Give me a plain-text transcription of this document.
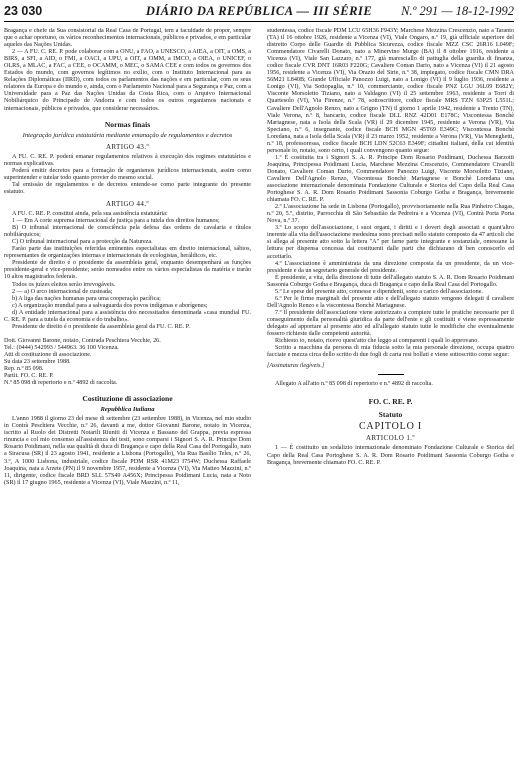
23 030	DIÁRIO DA REPÚBLICA — III SÉRIE	N.º 291 — 18-12-1992

Bragança e chefe da Sua consistorial da Real Casa de Portugal, tem a faculdade de propor, sempre que o achar oportuno, os vários reconhecimentos internacionais, públicos e privados, e em particular aqueles das Nações Unidas.

2 — A FU. C. RE. P. pode colaborar com a ONU, a FAO, a UNESCO, a AIEA, a OIT, a OMS, a BIRS, a SFI, a AID, o FMI, a OACI, a UPU, a OIT, a OMM, a IMCO, a OIEA, o UNICEF, o OLRS, a MLAC, a FAC, a CEE, o OCAMM, o MEC, o SAMA CEE e com todos os governos dos Estados do mundo, com governos legítimos no exílio, com o Instituto Internacional para as Relações Diplomáticas (IIRD), com todos os parlamentos das nações e em particular, com os seus relatores da Europa e do mundo e, ainda, com o Parlamento Nacional para a Segurança e Paz, com a Universidade para a Paz das Nações Unidas da Costa Rica, com o Arquivo Internacional Nobiliárquico do Principado de Andorra e com todos os outros organismos nacionais e internacionais, públicos e privados, que considerar necessários.

Normas finais

Integração jurídica estatutária mediante emanação de regulamentos e decretos

ARTIGO 43.º

A FU. C. RE. P. poderá emanar regulamentos relativos à execução dos regimes estatutários e normas explicativas.

Poderá emitir decretos para a formação de organismos jurídicos internacionais, assim como superintender e tutelar todo quanto provier do mesmo social.

Tal emissão de regulamentos e de decretos entende-se como parte integrante do presente estatuto.

ARTIGO 44.º

A FU. C. RE. P. constitui ainda, pela sua assistência estatutária:

1 — Em A corte suprema internacional de justiça para a tutela dos direitos humanos;

B) O tribunal internacional de consciência pela defesa das ordens de cavalaria e títulos nobiliárquicos;

C) O tribunal internacional para a protecção da Natureza.

Farão parte das instituições referidas eminentes especialistas em direito internacional, sábios, representantes de organizações internas e internacionais de ecologistas, heráldicos, etc.

Presidente de direito é o presidente da assembleia geral, enquanto desempenhará as funções presidente-geral e vice-presidente; serão nomeados entre os vários especialistas da matéria e trarão 10 altos magistrados federais.

Todos os juízes eleitos serão irrevogáveis.

2 — a) O arco internacional de custeada;

b) A liga das nações humanas para uma cooperação pacífica;

c) A organização mundial para a salvaguarda dos povos indígenas e aborígenes;

d) A entidade internacional para a assistência dos necessitados denominada «casa mundial FU. C. RE. P. para a tutela da economia e do trabalho».

Presidente de direito é o presidente da assembleia geral da FU. C. RE. P.

Dott. Giovanni Barone, notaio, Contrada Peschiera Vecchie, 26.

Tel.: (0444) 542993 / 544963. 36 100 Vicenza.

Atti di costituzione di associazione.

Su data 23 settembre 1988.

Rep. n.º 85 098.

Partit. FO. C. RE. P.

N.º 85 098 di repertorio e n.º 4892 di raccolta.

Costituzione di associazione

Repubblica Italiana

L'anno 1988 il giorno 23 del mese di settembre (23 settembre 1988), in Vicenza, nel mio studio in Contrà Peschiera Vecchie, n.º 26, davanti a me, dottor Giovanni Barone, notaio in Vicenza, iscritto al Ruolo dei Distretti Notarili Riuniti di Vicenza e Bassano del Grappa, previa espressa rinuncia e col mio consenso all'assistenza dei testi, sono comparsi i Signori S. A. R. Principe Dom Rosario Poidimani, nella sua qualità di duca di Bragança e capo della Real Casa del Portogallo, nato a Siracusa (SR) il 23 agosto 1941, residente a Lisbona (Portogallo), Via Rua Basílio Teles, n.º 26, 3.º, A 1000 Lisbona, industriale, codice fiscale PDM RSR 41M23 I754W; Duchessa Raffaele Joaquina, nata a Arzete (PN) il 9 novembre 1957, residente a Vicenza (VI), Via Matteo Mazzini, n.º 11, dirigente, codice fiscale BRD SLL 57S49 A456X; Principessa Poidimani Lucia, nata a Noto (SR) il 17 giugno 1965, residente a Vicenza (VI), Viale Mazzini, n.º 11,

studentessa, codice fiscale PDM LCU 65H36 F943Y; Marchese Mezzina Crescenzio, nato a Taranto (TA) il 16 ottobre 1926, residente a Vicenza (VI), Viale Ongaro, n.º 19, già ufficiale superiore del distretto Corpo delle Guardie di Pubblica Sicurezza, codice fiscale MZZ CSC 26R16 L049F; Commendatore Civarelli Donato, nato a Minervino Murge (BA) il 8 ottobre 1916, residente a Vicenza (VI), Viale San Lazzaro, n.º 177, già maresciallo di pattuglia della guardia di finanza, codice fiscale CVR DNT 16R03 F220G; Cavaliere Coman Dario, nato a Vicenza (VI) il 21 agosto 1956, residente a Vicenza (VI), Via Orazio del Sirte, n.º 38, impiegato, codice fiscale CMN DRA 56M21 L840B; Grande Ufficiale Panozzo Luigi, nato a Lonigo (VI) il 9 luglio 1936, residente a Lonigo (VI), Via Sottopaglia, n.º 10, commerciante, codice fiscale PNZ LGU 36L09 E682Y; Visconte Morsoletto Tiziano, nato a Valdagno (VI) il 25 settembre 1963, residente a Torri di Quartesolo (VI), Via Firenze, n.º 78, sottoscrittore, codice fiscale MRS TZN 63P25 L551L; Cavaliere Dell'Agnolo Renzo, nato a Grigno (TN) il giorno 1 aprile 1942, residente a Trento (TN), Viale Verona, n.º 8, bancario, codice fiscale DLL RNZ 42D01 E178C; Viscontessa Bonchè Mariagnese, nata a Isola della Scala (VR) il 29 dicembre 1945, residente a Verona (VR), Via Speciano, n.º 6, insegnante, codice fiscale BCH MGN 45T69 E349C; Viscontessa Bonchè Loredana, nata a Isola della Scala (VR) il 23 marzo 1952, residente a Verona (VR), Via Meneghetti, n.º 18, professoressa, codice fiscale BCH LDN 52C63 E349F; cittadini italiani, della cui identità personale io, notaio, sono certo, i quali convengono quanto segue:

1.º È costituita tra i Signori S. A. R. Principe Dom Rosario Poidimani, Duchessa Barzotti Joaquina, Principessa Poidimani Lucia, Marchese Mezzina Crescenzio, Commendatore Civarelli Donato, Cavaliere Coman Dario, Commendatore Panozzo Luigi, Visconte Morsoletto Tiziano, Cavaliere Dell'Agnolo Renzo, Viscontessa Bonchè Mariagnese e Bonchè Loredana una associazione internazionale denominata Fondazione Culturale e Storica del Capo della Real Casa Portoghese S. A. R. Dom Rosario Poidimani Sassonia Coburgo Gotha e Bragança, brevemente chiamata FO. C. RE. P.

2.º L'associazione ha sede in Lisbona (Portogallo), provvisoriamente nella Rua Pinheiro Chagas, n.º 20, 5.º, distrito, Parrocchia di São Sebastião da Pedreira e a Vicenza (VI), Contrà Porta Porta Nova, n.º 37.

3.º Lo scopo dell'associazione, i suoi organi, i diritti e i doveri degli associati e quant'altro inerente alla vita dell'associazione medesima sono precisati nello statuto composto da 47 articoli che si allega al presente atto sotto la lettera "A" per farne parte integrante e sostanziale, omessane la lettura per dispensa concessa dai costituenti dalle parti che dichiarano di ben conoscerlo ed accettarlo.

4.º L'associazione è amministrata da una direzione composta da un presidente, da un vice-presidente e da un segretario generale del presidente.

È presidente, a vita, della direzione di tutte dell'allegato statuto S. A. R. Dom Rosario Poidimani Sassonia Coburgo Gotha e Bragança, duca di Bragança e capo della Real Casa del Portogallo.

5.º Le spese del presente atto, connesse e dipendenti, sono a carico dell'associazione.

6.º Per le firme marginali del presente atto e dell'allegato statuto vengono delegati il cavaliere Dell'Agnolo Renzo e la viscontessa Bonchè Mariagnese.

7.º Il presidente dell'associazione viene autorizzato a compiere tutte le pratiche necessarie per il conseguimento della personalità giuridica da parte dell'ente e gli costituiti e viene espressamente delegato ad apportare al presente atto ed all'allegato statuto tutte le modifiche che eventualmente fossero richieste dalle competenti autorità.

Richiesto io, notaio, ricevo quest'atto che leggo ai comparenti i quali lo approvano.

Scritto a macchina da persona di mia fiducia sotto la mia personale direzione, occupa quattro facciate e mezza circa dello scritto di due fogli di carta resi bollati e viene sottoscritto come segue:

[Assinaturas ilegíveis.]

Allegato A all'atto n.º 85 098 di repertorio e n.º 4892 di raccolta.

FO. C. RE. P.

Statuto

CAPITOLO I

ARTICOLO 1.º

1 — È costituito un sodalizio internazionale denominato Fondazione Culturale e Storica del Capo della Real Casa Portoghese S. A. R. Dom Rosario Poidimani Sassonia Coburgo Gotha e Bragança, brevemente chiamato FO. C. RE. P.
